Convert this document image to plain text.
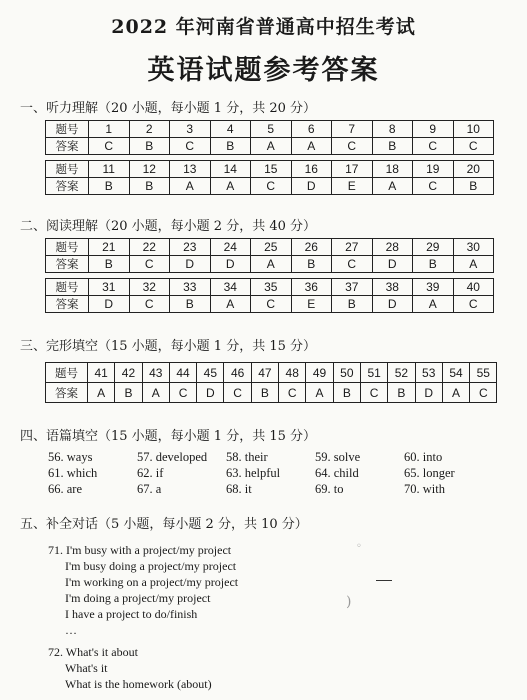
2022 年河南省普通高中招生考试
英语试题参考答案
一、听力理解（20 小题，每小题 1 分，共 20 分）
题号	1	2	3	4	5	6	7	8	9	10
答案	C	B	C	B	A	A	C	B	C	C

题号	11	12	13	14	15	16	17	18	19	20
答案	B	B	A	A	C	D	E	A	C	B
二、阅读理解（20 小题，每小题 2 分，共 40 分）
题号	21	22	23	24	25	26	27	28	29	30
答案	B	C	D	D	A	B	C	D	B	A

题号	31	32	33	34	35	36	37	38	39	40
答案	D	C	B	A	C	E	B	D	A	C
三、完形填空（15 小题，每小题 1 分，共 15 分）
题号	41	42	43	44	45	46	47	48	49	50	51	52	53	54	55
答案	A	B	A	C	D	C	B	C	A	B	C	B	D	A	C
四、语篇填空（15 小题，每小题 1 分，共 15 分）
56. ways	57. developed 58. their	59. solve	60. into
61. which	62. if	63. helpful	64. child	65. longer
66. are	67. a	68. it	69. to	70. with
五、补全对话（5 小题，每小题 2 分，共 10 分）
71. I'm busy with a project/my project
I'm busy doing a project/my project
I'm working on a project/my project
I'm doing a project/my project
I have a project to do/finish
…
72. What's it about
What's it
What is the homework (about)
◦
)
